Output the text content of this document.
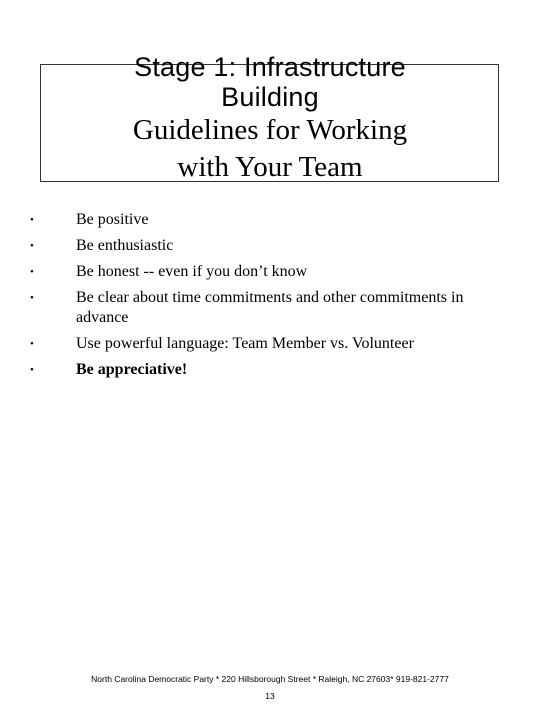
Stage 1: Infrastructure
Building
Guidelines for Working
with Your Team
•	Be positive
•	Be enthusiastic
•	Be honest -- even if you don’t know
•	Be clear about time commitments and other commitments in advance
•	Use powerful language: Team Member vs. Volunteer
•	Be appreciative!
North Carolina Democratic Party * 220 Hillsborough Street * Raleigh, NC 27603* 919-821-2777
13
